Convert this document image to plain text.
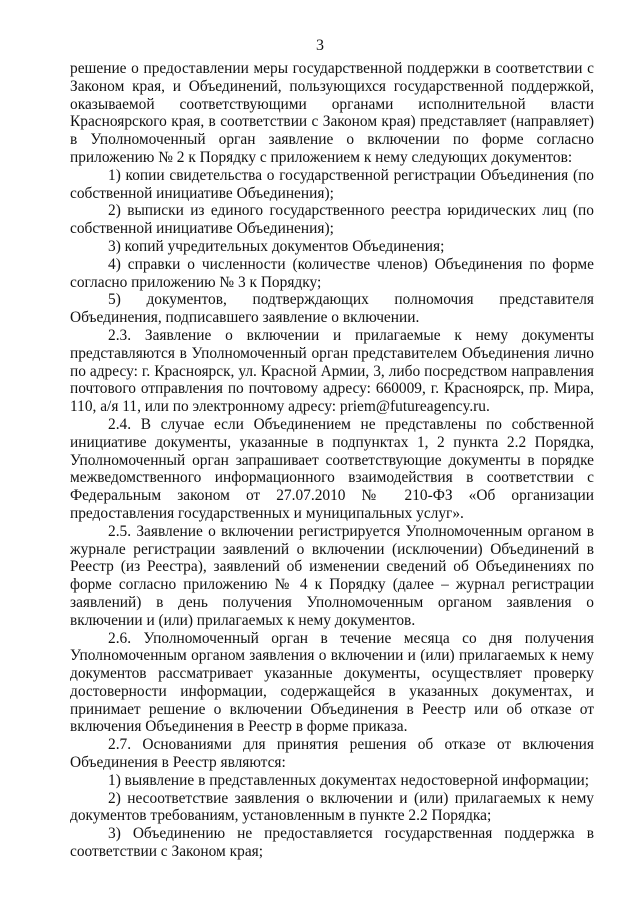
3

решение о предоставлении меры государственной поддержки в соответствии с Законом края, и Объединений, пользующихся государственной поддержкой, оказываемой соответствующими органами исполнительной власти Красноярского края, в соответствии с Законом края) представляет (направляет) в Уполномоченный орган заявление о включении по форме согласно приложению № 2 к Порядку с приложением к нему следующих документов:

1) копии свидетельства о государственной регистрации Объединения (по собственной инициативе Объединения);

2) выписки из единого государственного реестра юридических лиц (по собственной инициативе Объединения);

3) копий учредительных документов Объединения;

4) справки о численности (количестве членов) Объединения по форме согласно приложению № 3 к Порядку;

5) документов, подтверждающих полномочия представителя Объединения, подписавшего заявление о включении.

2.3. Заявление о включении и прилагаемые к нему документы представляются в Уполномоченный орган представителем Объединения лично по адресу: г. Красноярск, ул. Красной Армии, 3, либо посредством направления почтового отправления по почтовому адресу: 660009, г. Красноярск, пр. Мира, 110, а/я 11, или по электронному адресу: priem@futureagency.ru.

2.4. В случае если Объединением не представлены по собственной инициативе документы, указанные в подпунктах 1, 2 пункта 2.2 Порядка, Уполномоченный орган запрашивает соответствующие документы в порядке межведомственного информационного взаимодействия в соответствии с Федеральным законом от 27.07.2010 № 210-ФЗ «Об организации предоставления государственных и муниципальных услуг».

2.5. Заявление о включении регистрируется Уполномоченным органом в журнале регистрации заявлений о включении (исключении) Объединений в Реестр (из Реестра), заявлений об изменении сведений об Объединениях по форме согласно приложению № 4 к Порядку (далее – журнал регистрации заявлений) в день получения Уполномоченным органом заявления о включении и (или) прилагаемых к нему документов.

2.6. Уполномоченный орган в течение месяца со дня получения Уполномоченным органом заявления о включении и (или) прилагаемых к нему документов рассматривает указанные документы, осуществляет проверку достоверности информации, содержащейся в указанных документах, и принимает решение о включении Объединения в Реестр или об отказе от включения Объединения в Реестр в форме приказа.

2.7. Основаниями для принятия решения об отказе от включения Объединения в Реестр являются:

1) выявление в представленных документах недостоверной информации;

2) несоответствие заявления о включении и (или) прилагаемых к нему документов требованиям, установленным в пункте 2.2 Порядка;

3) Объединению не предоставляется государственная поддержка в соответствии с Законом края;
